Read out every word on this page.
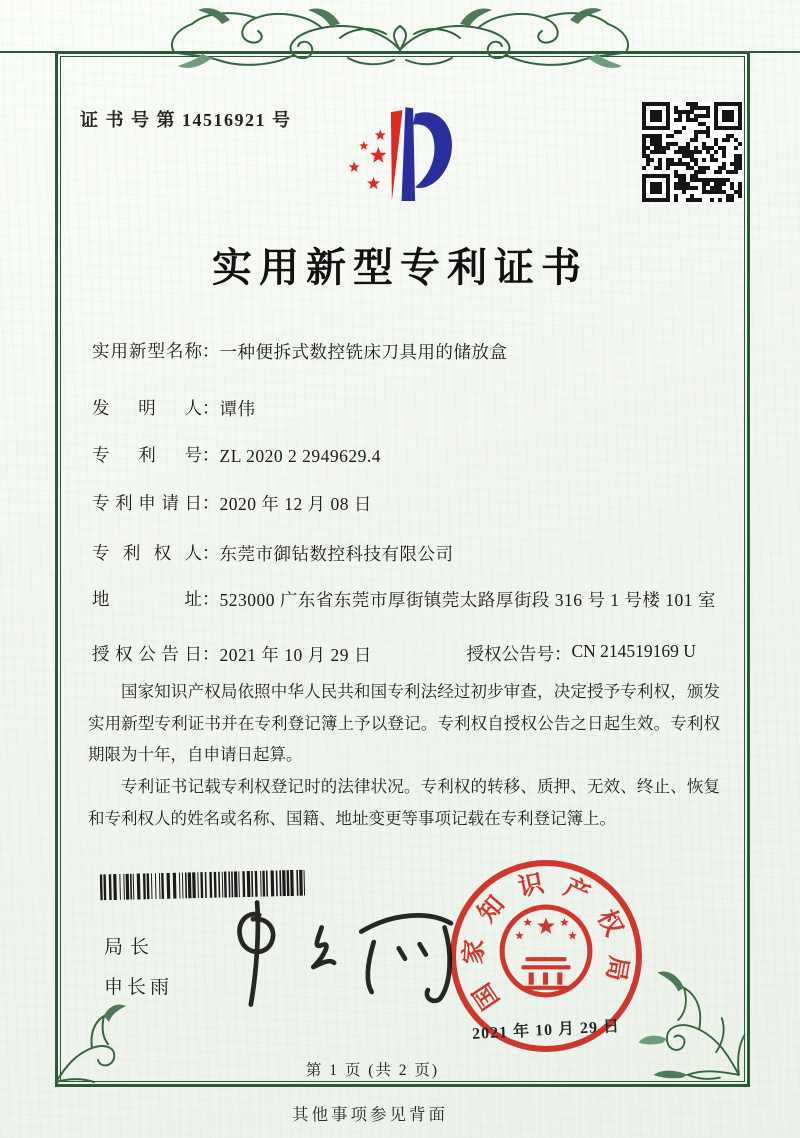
证 书 号 第 14516921 号
实用新型专利证书
实用新型名称 ： 一种便拆式数控铣床刀具用的储放盒
发明人 ： 谭伟
专利号 ： ZL 2020 2 2949629.4
专利申请日 ： 2020 年 12 月 08 日
专利权人 ： 东莞市御钻数控科技有限公司
地址 ： 523000 广东省东莞市厚街镇莞太路厚街段 316 号 1 号楼 101 室
授权公告日 ： 2021 年 10 月 29 日	授权公告号 ： CN 214519169 U

国家知识产权局依照中华人民共和国专利法经过初步审查，决定授予专利权，颁发实用新型专利证书并在专利登记簿上予以登记。专利权自授权公告之日起生效。专利权期限为十年，自申请日起算。

专利证书记载专利权登记时的法律状况。专利权的转移、质押、无效、终止、恢复和专利权人的姓名或名称、国籍、地址变更等事项记载在专利登记簿上。

局长
申长雨	国
家
知
识 产
权
局
2021 年 10 月 29 日
第 1 页 (共 2 页)
其他事项参见背面
